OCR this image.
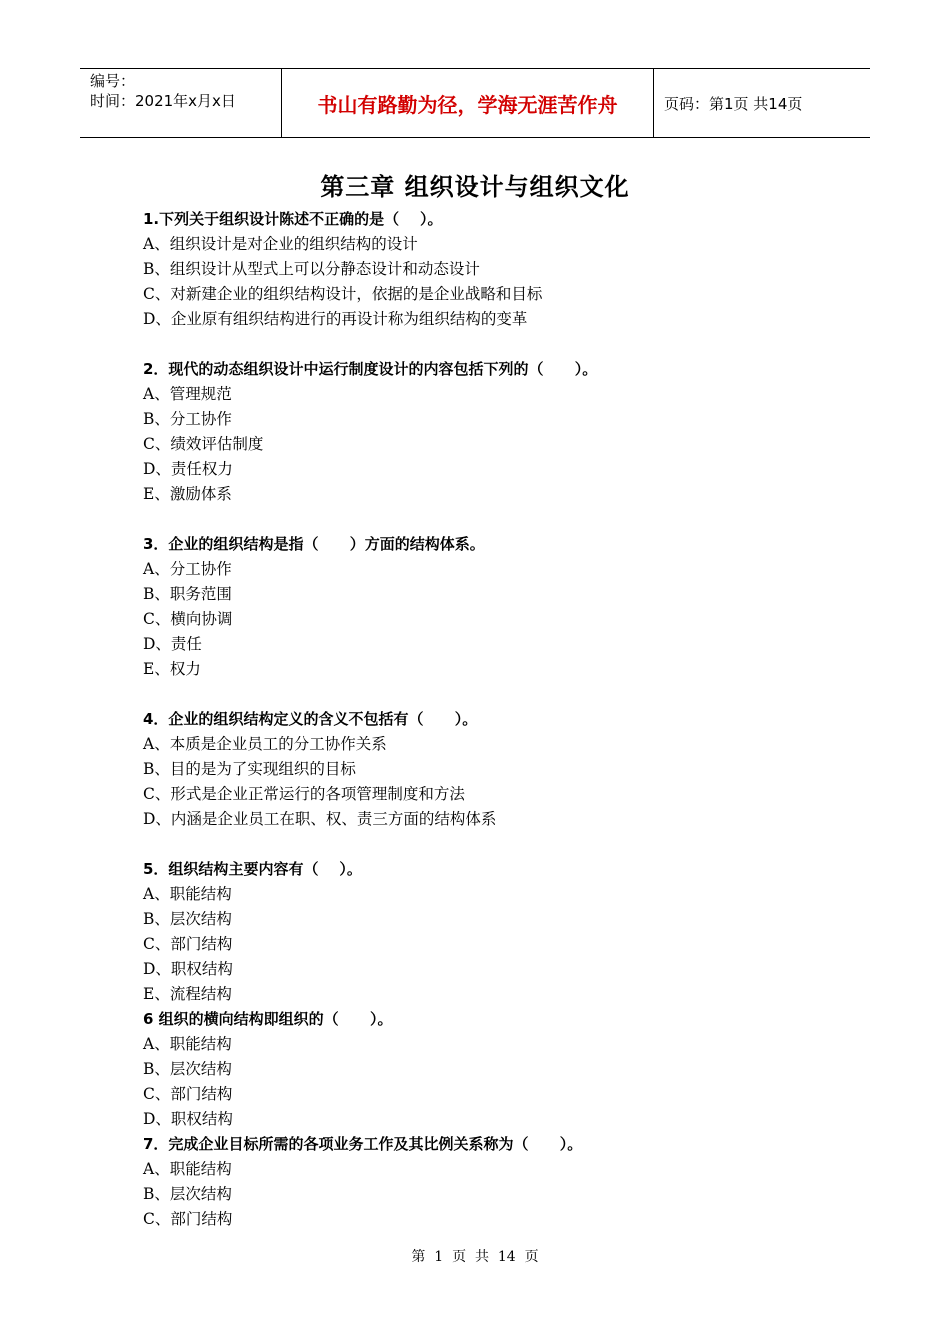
编号：
时间：2021年x月x日	书山有路勤为径，学海无涯苦作舟	页码：第1页 共14页
第三章 组织设计与组织文化
1.下列关于组织设计陈述不正确的是（    ）。
A、组织设计是对企业的组织结构的设计
B、组织设计从型式上可以分静态设计和动态设计
C、对新建企业的组织结构设计，依据的是企业战略和目标
D、企业原有组织结构进行的再设计称为组织结构的变革
2．现代的动态组织设计中运行制度设计的内容包括下列的（      ）。
A、管理规范
B、分工协作
C、绩效评估制度
D、责任权力
E、激励体系
3．企业的组织结构是指（      ）方面的结构体系。
A、分工协作
B、职务范围
C、横向协调
D、责任
E、权力
4．企业的组织结构定义的含义不包括有（      ）。
A、本质是企业员工的分工协作关系
B、目的是为了实现组织的目标
C、形式是企业正常运行的各项管理制度和方法
D、内涵是企业员工在职、权、责三方面的结构体系
5．组织结构主要内容有（    ）。
A、职能结构
B、层次结构
C、部门结构
D、职权结构
E、流程结构
6 组织的横向结构即组织的（      ）。
A、职能结构
B、层次结构
C、部门结构
D、职权结构
7．完成企业目标所需的各项业务工作及其比例关系称为（      ）。
A、职能结构
B、层次结构
C、部门结构
第  1  页  共  14  页
